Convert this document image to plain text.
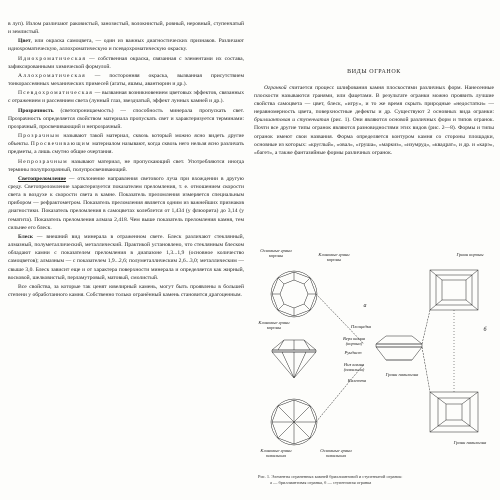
в луп). Излом различают раковистый, занозистый, волокнистый, ровный, неровный, ступенчатый и землистый.

Цвет, или окраска самоцвета, — один из важных диагностических признаков. Различают идиохроматическую, аллохроматическую и псевдохроматическую окраску.

Идиохроматическая — собственная окраска, связанная с элементами их состава, зафиксированными химической формулой.

Аллохроматическая — посторонняя окраска, вызванная присутствием тонкорассеянных механических примесей (агаты, яшмы, авантюрин и др.).

Псевдохроматическая — вызванная возникновением цветовых эффектов, связанных с отражением и рассеянием света (лунный глаз, звездчатый, эффект лунных камней и др.).

Прозрачность (светопроницаемость) — способность минерала пропускать свет. Прозрачность определяется свойством материала пропускать свет и характеризуется терминами: прозрачный, просвечивающий и непрозрачный.

Прозрачным называют такой материал, сквозь который можно ясно видеть другие объекты. Просвечивающим материалом называют, когда сквозь него нельзя ясно различать предметы, а лишь смутно общие очертания.

Непрозрачным называют материал, не пропускающий свет. Употребляются иногда термины полупрозрачный, полупросвечивающий.

Светопреломление — отклонение направления светового луча при вхождении в другую среду. Светопреломление характеризуется показателем преломления, т. е. отношением скорости света в воздухе к скорости света в камне. Показатель преломления измеряется специальным прибором — рефрактометром. Показатель преломления является одним из важнейших признаков диагностики. Показатель преломления в самоцветах колеблется от 1,434 (у флюорита) до 3,14 (у гематита). Показатель преломления алмаза 2,418. Чем выше показатель преломления камня, тем сильнее его блеск.

Блеск — внешний вид минерала в отраженном свете. Блеск различают стеклянный, алмазный, полуметаллический, металлический. Практикой установлено, что стеклянным блеском обладают камни с показателем преломления в диапазоне 1,3...1,9 (основное количество самоцветов); алмазным — с показателем 1,9...2,6; полуметаллическим 2,6...3,0; металлическим — свыше 3,0. Блеск зависит еще и от характера поверхности минерала и определяется как жирный, восковой, шелковистый, перламутровый, матовый, смолистый.

Все свойства, за которые так ценят ювелирный камень, могут быть проявлены в большей степени у обработанного камня. Собственно только огранённый камень становится драгоценным.

ВИДЫ ОГРАНОК

Огранкой считается процесс шлифования камня плоскостями различных форм. Нанесенные плоскости называются гранями, или фацетами. В результате огранки можно проявить лучшие свойства самоцвета — цвет, блеск, «игру», и то же время скрыть природные «недостатки» — неравномерность цвета, поверхностные дефекты и др. Существуют 2 основных вида огранки: бриллиантовая и ступенчатая (рис. 1). Они являются основой различных форм и типов огранок. Почти все другие типы огранок являются разновидностями этих видов (рис. 2—8). Формы и типы огранок имеют свои названия. Форма определяется контуром камня со стороны площадки, основные из которых: «круглый», «овал», «груша», «маркиз», «изумруд», «квадрат», и др. и «карэ», «багет», а также фантазийные формы различных огранок.

Основные грани короны	Клиновые грани короны
Грани короны
Клиновые грани короны	Площадка
Верх камня (корона)
Рундист
Низ камня (павильон)
Калетта
Клиновые грани павильона
Основные грани павильона
Грани павильона
Грани павильона
а
б
Рис. 1. Элементы ограненных камней бриллиантовой и ступенчатой огранок:
а — бриллиантовая огранка, б — ступенчатая огранка
